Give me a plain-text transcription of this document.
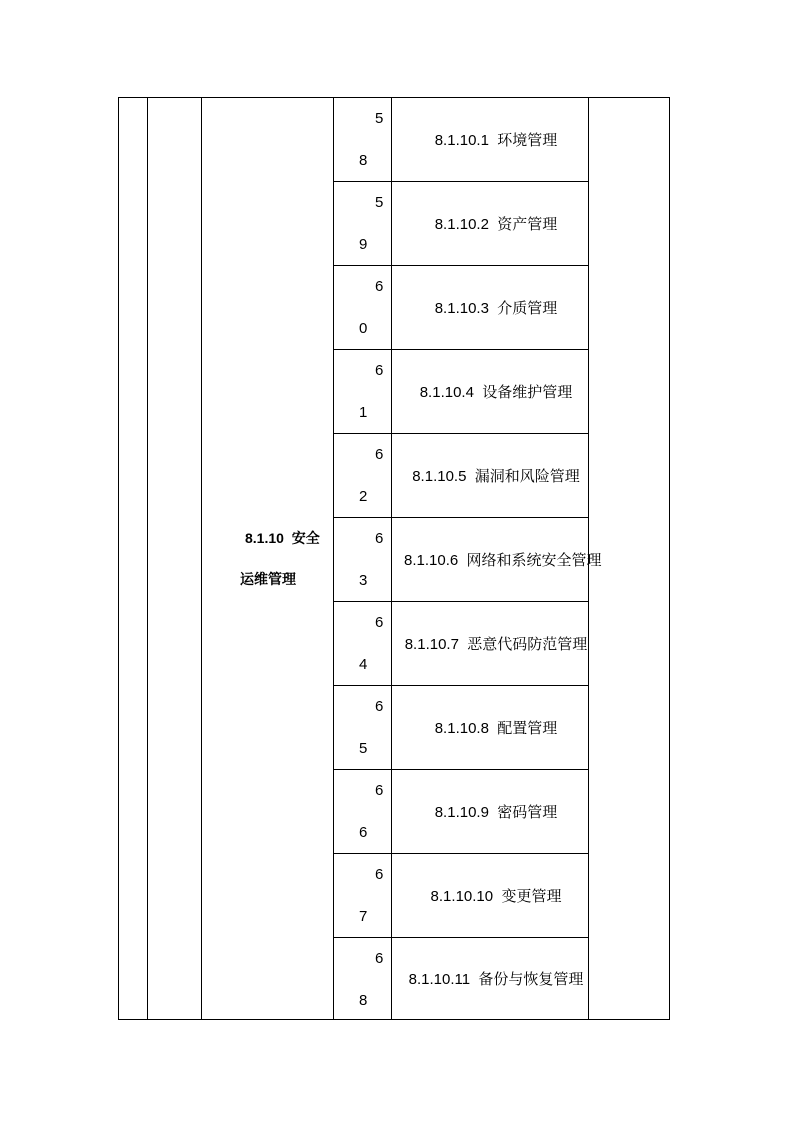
8.1.10  安全运维管理
58
8.1.10.1  环境管理
59
8.1.10.2  资产管理
60
8.1.10.3  介质管理
61
8.1.10.4  设备维护管理
62
8.1.10.5  漏洞和风险管理
63
8.1.10.6  网络和系统安全管理
64
8.1.10.7  恶意代码防范管理
65
8.1.10.8  配置管理
66
8.1.10.9  密码管理
67
8.1.10.10  变更管理
68
8.1.10.11  备份与恢复管理
